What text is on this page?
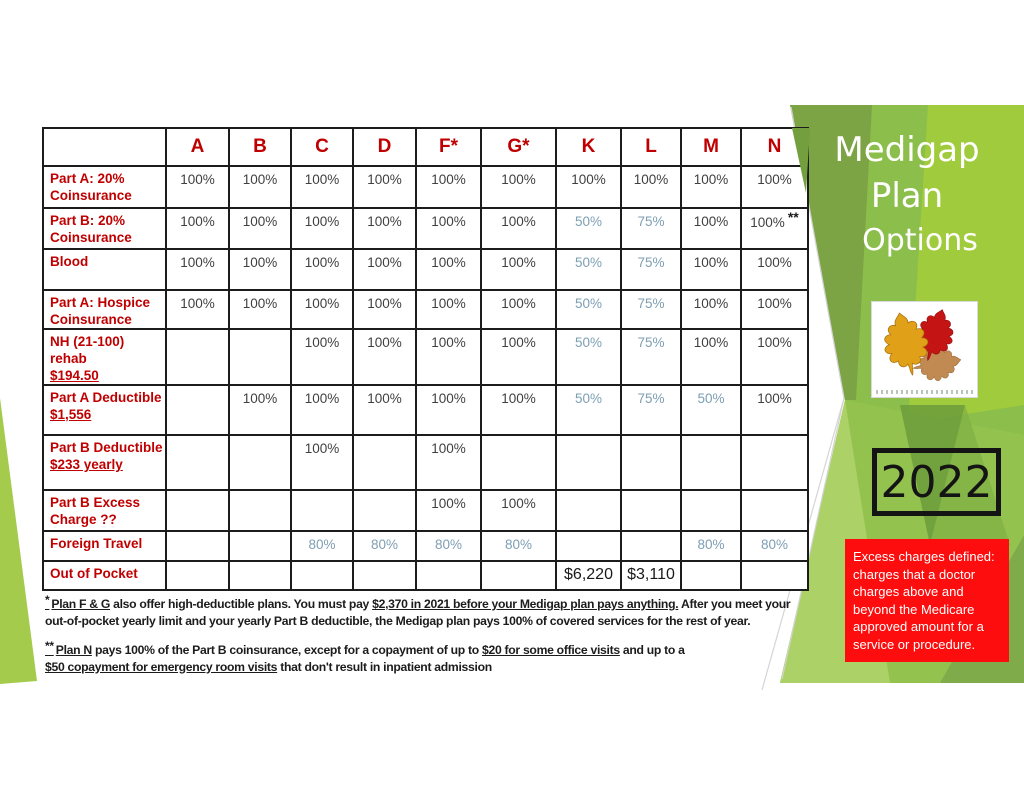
Medigap
Plan
Options
2022
Excess charges defined: charges that a doctor charges above and beyond the Medicare approved amount for a service or procedure.
	A	B	C	D	F*	G*	K	L	M	N
Part A: 20%
Coinsurance	100%	100%	100%	100%	100%	100%	100%	100%	100%	100%
Part B: 20%
Coinsurance	100%	100%	100%	100%	100%	100%	50%	75%	100%	100% **
Blood	100%	100%	100%	100%	100%	100%	50%	75%	100%	100%
Part A: Hospice
Coinsurance	100%	100%	100%	100%	100%	100%	50%	75%	100%	100%
NH (21-100) rehab
$194.50			100%	100%	100%	100%	50%	75%	100%	100%
Part A Deductible
$1,556		100%	100%	100%	100%	100%	50%	75%	50%	100%
Part B Deductible
$233 yearly			100%		100%					
Part B Excess
Charge ??					100%	100%				
Foreign Travel			80%	80%	80%	80%			80%	80%
Out of Pocket							$6,220	$3,110		

* Plan F & G also offer high-deductible plans. You must pay $2,370 in 2021 before your Medigap plan pays anything. After you meet your
out-of-pocket yearly limit and your yearly Part B deductible, the Medigap plan pays 100% of covered services for the rest of year.

** Plan N pays 100% of the Part B coinsurance, except for a copayment of up to $20 for some office visits and up to a
$50 copayment for emergency room visits that don't result in inpatient admission
